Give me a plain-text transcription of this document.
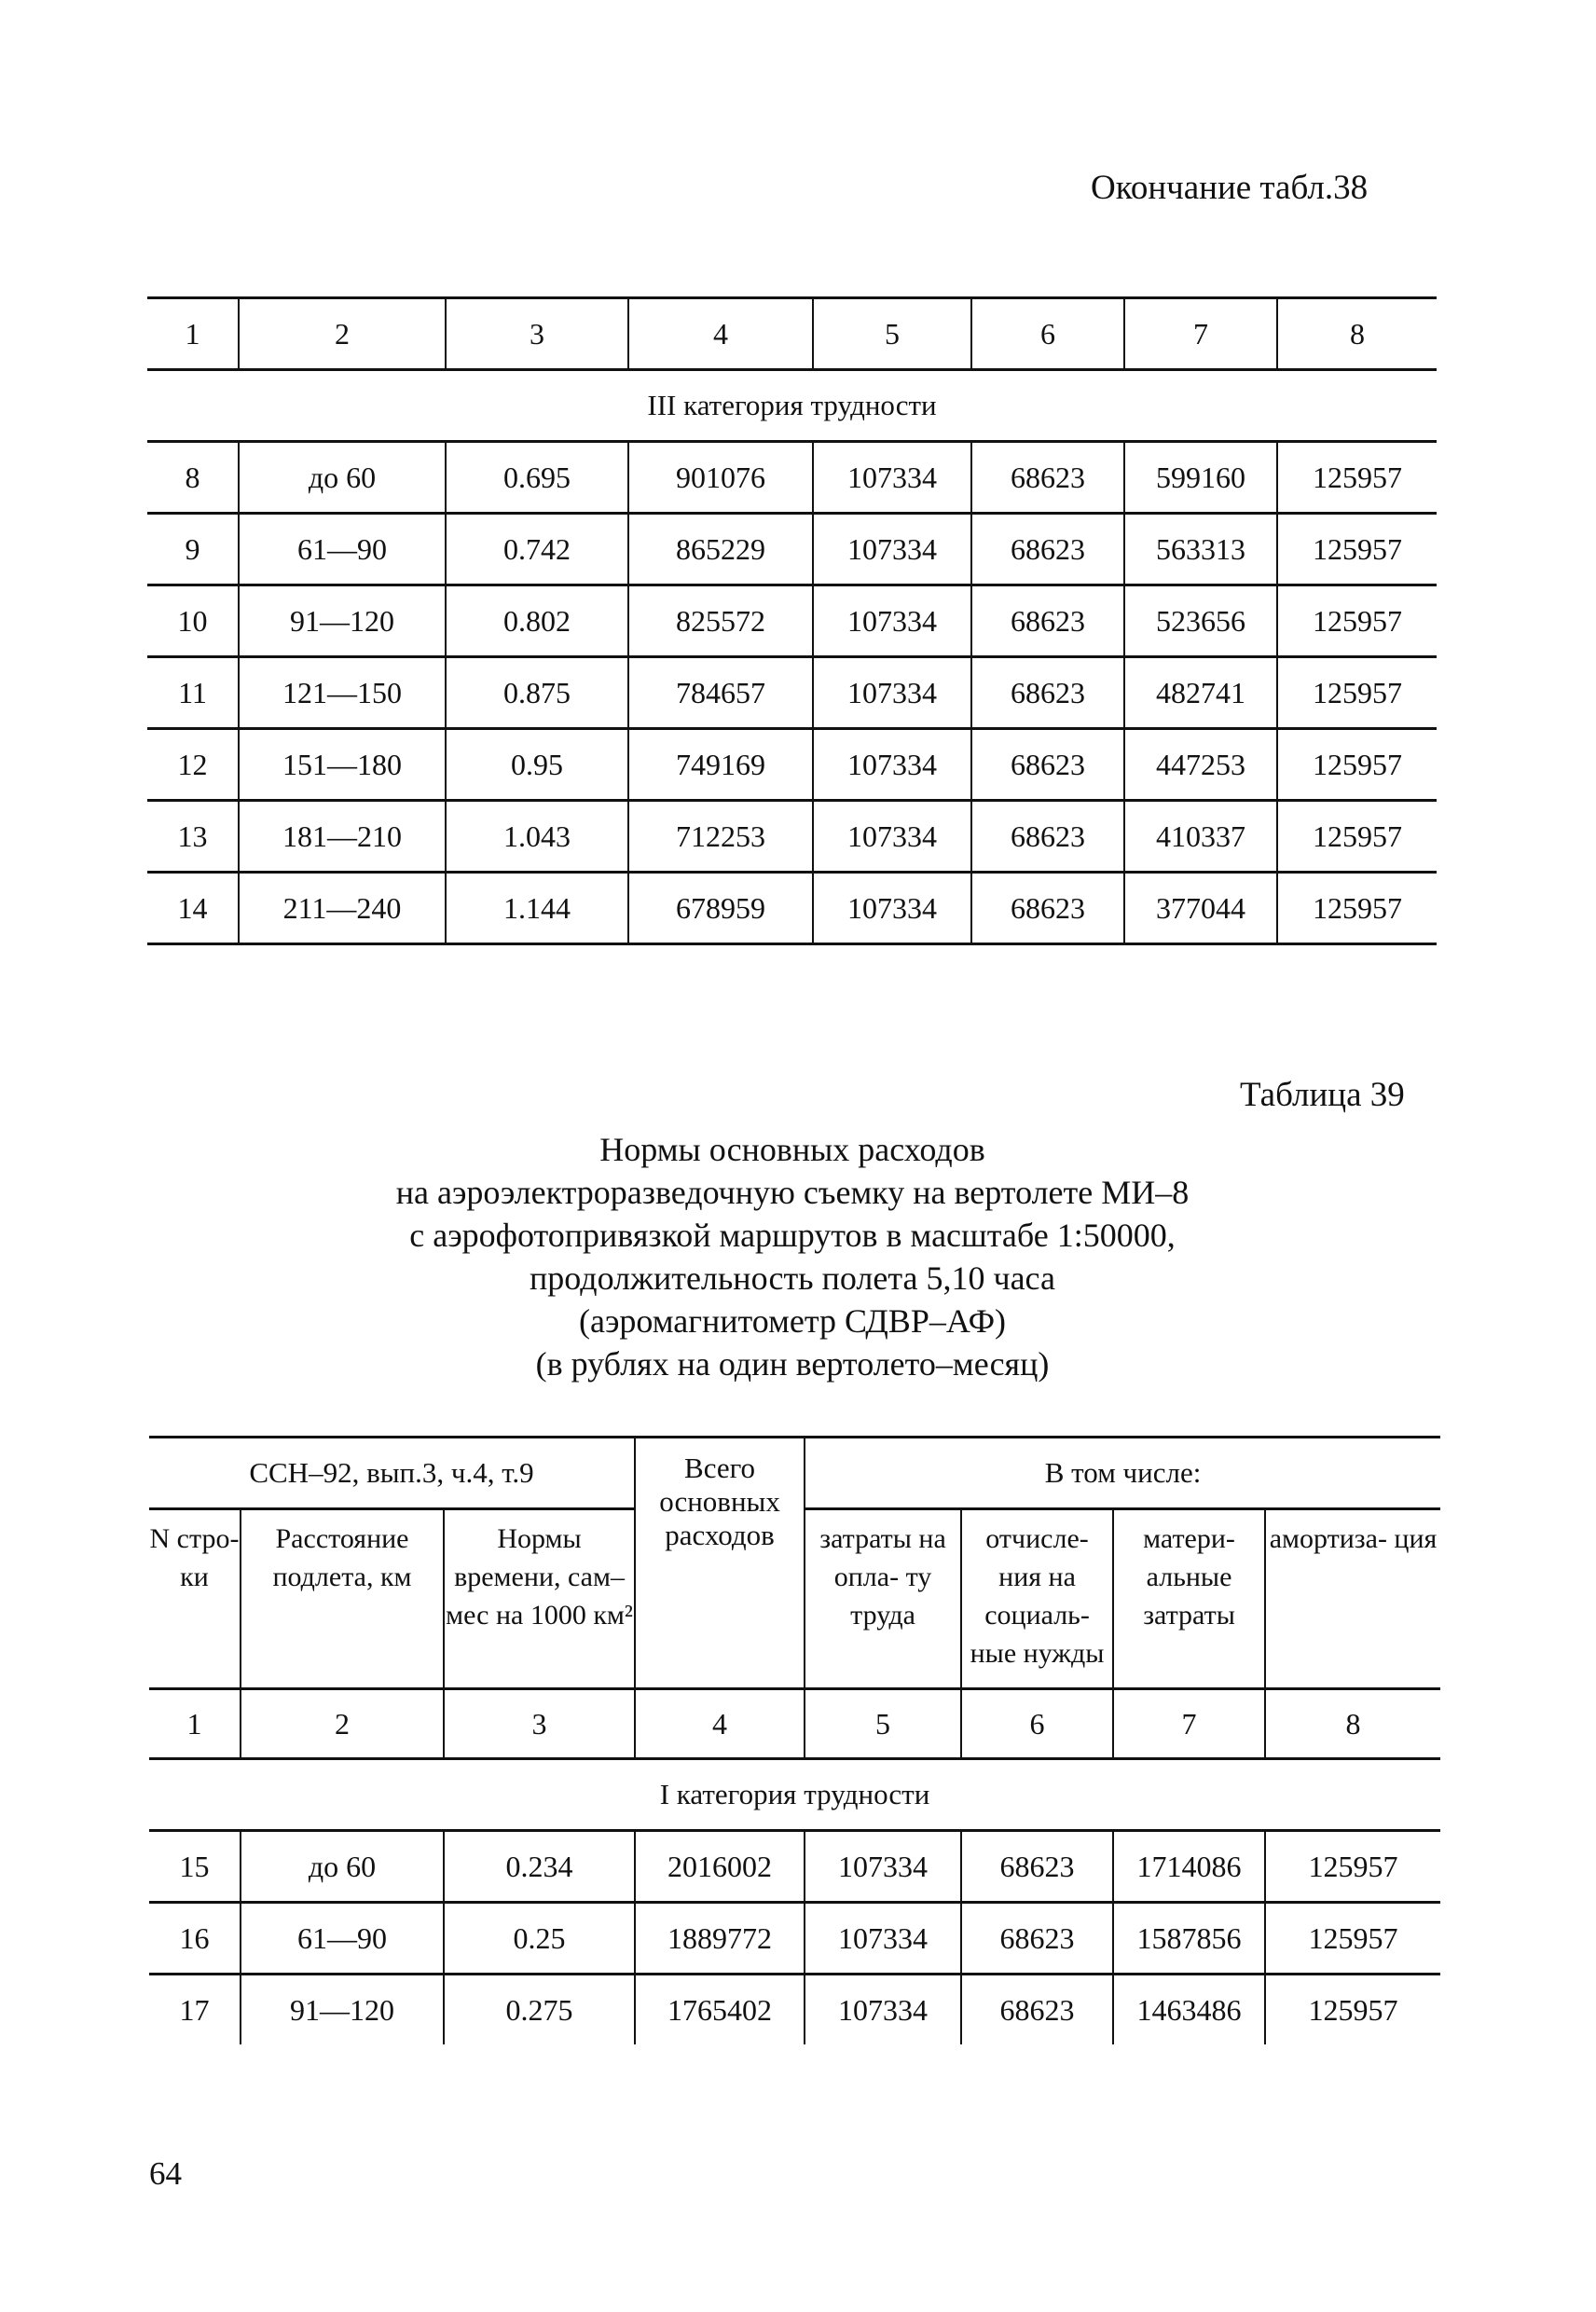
Окончание табл.38
1	2	3	4	5	6	7	8
III категория трудности							
8	до 60	0.695	901076	107334	68623	599160	125957
9	61—90	0.742	865229	107334	68623	563313	125957
10	91—120	0.802	825572	107334	68623	523656	125957
11	121—150	0.875	784657	107334	68623	482741	125957
12	151—180	0.95	749169	107334	68623	447253	125957
13	181—210	1.043	712253	107334	68623	410337	125957
14	211—240	1.144	678959	107334	68623	377044	125957
Таблица 39
Нормы основных расходов
на аэроэлектроразведочную съемку на вертолете МИ–8
с аэрофотопривязкой маршрутов в масштабе 1:50000,
продолжительность полета 5,10 часа
(аэромагнитометр СДВР–АФ)
(в рублях на один вертолето–месяц)
ССН–92, вып.3, ч.4, т.9			Всего основных расходов	В том числе:			
N стро- ки	Расстояние подлета, км	Нормы времени, сам–мес на 1000 км²		затраты на опла- ту труда	отчисле- ния на социаль- ные нужды	матери- альные затраты	амортиза- ция
1	2	3	4	5	6	7	8
I категория трудности							
15	до 60	0.234	2016002	107334	68623	1714086	125957
16	61—90	0.25	1889772	107334	68623	1587856	125957
17	91—120	0.275	1765402	107334	68623	1463486	125957
64
